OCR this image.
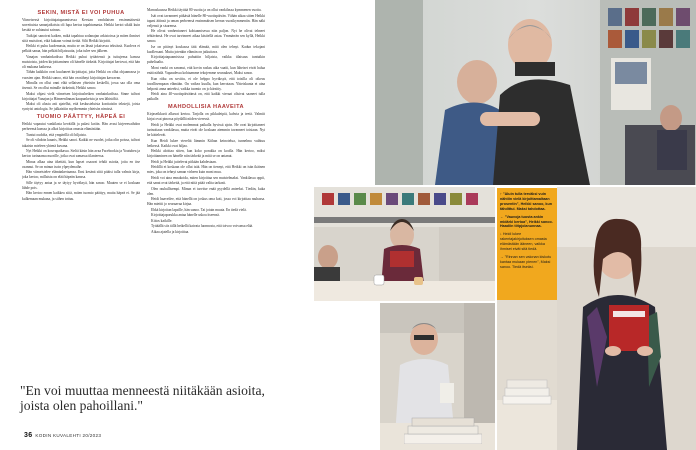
SEKIN, MISTÄ EI VOI PUHUA

Viimeisessä kirjoittajatapaamisessa Kerstan vanhilaisen ensimmäisestä sorrettuista sananjatkoista oli lupa kertoa tapahtumasta. Heikki kertoi sikäli kuin kestää se suhtautui sairaus.

Tutkijat sanoivat kaiken, mikä tapahtuu sodanajan arkistoissa ja miten ihmiset siitä muistivat, eikä kukaan voinut tietää. Silti Heikki kirjoitti.

Heikki ei puhu kuolemasta, mutta se on läsnä jokaisessa tekstissä. Kuoleva ei pelkää sanaa, hän pelkää hiljaisuutta, joka tulee sen jälkeen.

Vanajan vanhainkodissa Heikki puhui tyttäriensä ja tuttujensa kanssa muistoista, joiden kirjoittaminen oli hänelle tärkeää. Kirjoittajat kertovat, että hän oli mukana kaikessa.

Tähän kaikkiin ovat kuuluneet kirjoittajat, joita Heikki on ollut ohjaamassa jo vuosien ajan. Heikki sanoo, että hän on nähnyt kirjoittajan kasvavan.

Minulla on ollut onni elää sellaisen yhteisön keskellä, jossa saa olla oma itsensä. Se on ollut minulle tärkeintä, Heikki sanoo.

Maksi ohjasi vielä viimeisen kirjoitushetken vanhainkodissa. Sinne tulivat kirjoittajat Vanajan ja Hämeenlinnan kaupunkeista ja sen lähistöltä.

Maksi oli alusta asti ajatellut, että keskusteluista koottaisiin tekstejä, joista syntyisi antologia. Se julkaistiin myöhemmin yhteisön nimissä.

TUOMIO PÄÄTTYY, HÄPEÄ EI

Heikki vapautui vankilasta keväällä ja palasi kotiin. Hän avasi kirjeenvaihdon perheensä kanssa ja alkoi kirjoittaa omasta elämästään.

Tuntui oudolta, että ympärillä oli hiljaista.

Se oli vihdoin kaunis, Heikki sanoi. Kaikki ne vuodet, jotka olin poissa, tulivat takaisin mieleen yhtenä kuvana.

Nyt Heikki on kouvapaikassa. Sieltä käsin hän avaa Facebookia ja Youtubea ja kertoo tarinaansa nuorille, jotka ovat samassa tilanteessa.

Minua alkaa aina itkettää, kun lapset osaavat tehdä asioita, joita en itse osannut. Se on minun isoin ylpeydenaihe.

Hän viimeistelee elämänkertaansa. Ensi kesänä siitä pitäisi tulla valmis kirja, joka kertoo, millaista on elää häpeän kanssa.

Sille täytyy antaa ja se täytyy hyväksyä, hän sanoo. Muuten se ei koskaan lähde pois.

Hän kertoo ennen kaikkea siitä, miten tuomio päättyy, mutta häpeä ei. Se jää kulkemaan mukana, ja siihen tottuu.

Marraskuussa Heikki täyttää 80 vuotta ja on ollut vankilassa kymmenen vuotta.

Isät ovat tavanneet pitkästä hänelle 80-vuotispäivän. Vähän aikaa sitten Heikki tapasi äitinsä ja oman perheensä ensimmäisen kerran vuosikymmeniin. Hän näki veljensä ja sisarensa.

He olivat vanhentuneet kohtaamisessa niin paljon. Nyt he olivat tehneet tehtävänsä. He ovat tarvinneet aikaa käsitellä asiaa. Ymmärrän sen kyllä, Heikki sanoo.

Ise on pitänyt koukussa tätä elämää, mitä olen tehnyt. Kadun tekojani kuollessani. Mutta jotenkin elämän on jatkuttava.

Kirjoittajatapaamisissa puhuttiin hiljaista, vaikka tilaisuus tuntuikin puheliaalta.

Moni vanki on sanonut, että kovin raskas aika vaatii, kun läheiset eivät halua enää nähdä. Vapaudessa kohtaamme tekojemme seuraukset, Maksi sanoo.

Kun riiku on sovittu, ei ole helppo hyväksyä, että toisilla oli oikeus tavallisempaan elämään. On vaikea kuulla, kun kerrotaan. Yhteiskunta ei aina helposti anna anteeksi, vaikka tuomio on jo kärsitty.

Heidi aina 40-vuotispäiväänsä on, että kaikki vieraat olisivat saaneet tulla paikalle.

MAHDOLLISIA HAAVEITA

Kirjaseikkarit alkavat kertoa. Tarjolla on pikkuleipiä, kahvia ja teetä. Valmiit kirjat ovat pinossa pöydällä niiden vieressä.

Heidi ja Heikki ovat molemmat paikalla hyvissä ajoin. He ovat kirjoittaneet tarinoitaan vankilassa, mutta eivät ole koskaan aiemmin tavanneet toisiaan. Nyt he kättelevät.

Kun Heidi lukee viereltä lämmin Kiihan keinotelua, tunnelma vaihtuu hetkessä. Kaikki ovat hiljaa.

Heikki aloittaa sitten, kun koko porukka on koolla. Hän kertoo, miksi kirjoittaminen on hänelle niin tärkeää ja mitä se on antanut.

Heidi ja Heikki juttelevat pitkään kahdestaan.

Heidillä ei koskaan ole ollut isää. Hän on tiennyt, että Heikki on isän ikäinen mies, joka on tehnyt saman virheen kuin moni muu.

Heidi voi aina ennakoida, miten kirjoittaa sen muistelmaksi. Vankilassa oppii, että sanat ovat tärkeitä, ja että niitä pitää valita tarkasti.

Olen rauhallisempi. Minun ei tarvitse enää pyydellä anteeksi. Tiedän, kuka olen.

Heidi haaveilee, että hänellä on joskus oma koti, jossa voi kirjoittaa rauhassa. Hän miettii jo seuraavaa kirjaa.

Ehkä kirjoitan lapsille, hän sanoo. Tai jotain muuta. En tiedä vielä.

Kirjoittajaporukka antaa hänelle uskoa itseensä.

Kiitos kaikille.

Tyttäällä siis tällä hetkellä kaivata luonnosta, että toivoo voivansa elää.

Aikaa ajatella ja kirjoittaa.

"En voi muuttaa menneestä niitäkään asioita, joista olen pahoillani."
36 KODIN KUVALEHTI 20/2023

↑ "Aluin tulla terväksi vuin nähtiin vielä kirjoittamaltaan prosentin", Heikki sanoo, kun tähdittui. Maksi tahdottaa.

← "Vauvoja tuosta ankin midärki kertoa", Heikki sanoo. Haadiin tiitpjolanunnaa.

↓ Heidi lukee rakentajakirjoituksen omasta elämästään ääneen, vaikka ihmiset eivät sitä tiedä.

→ "Rinnan sen valonan kiskotu kantaa mukaan pienen", Maksi sanoo. Tiedä itseäsi.
